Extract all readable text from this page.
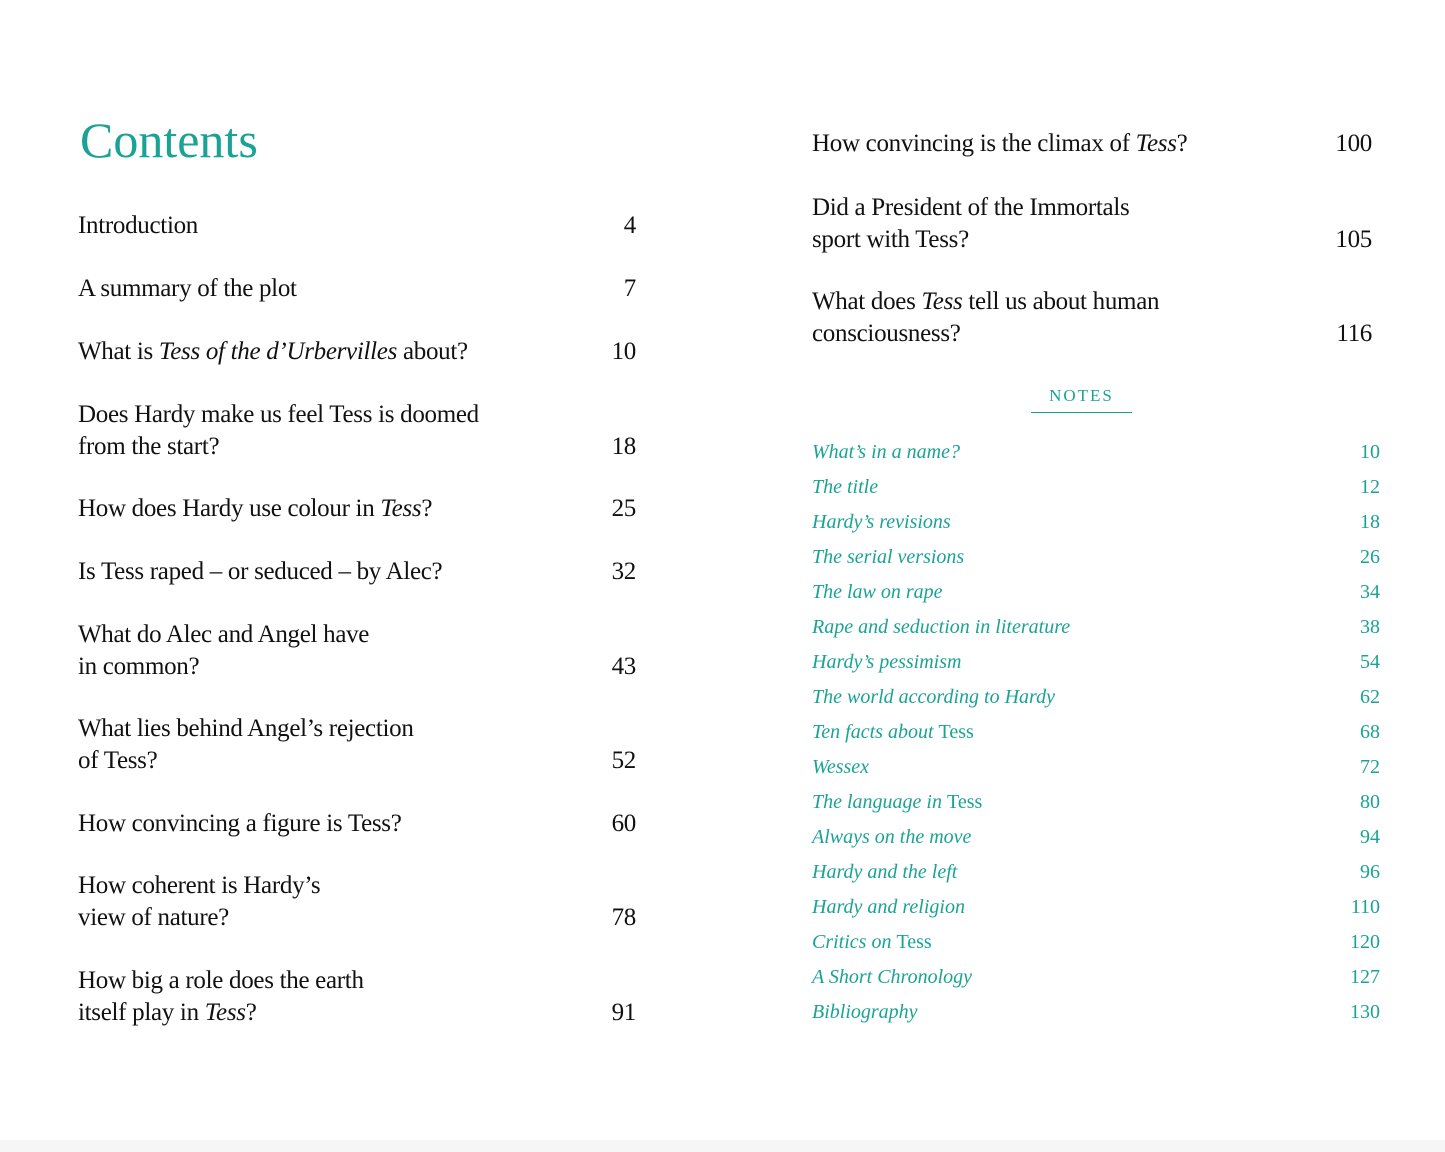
Contents
Introduction	4
A summary of the plot	7
What is Tess of the d’Urbervilles about?	10
Does Hardy make us feel Tess is doomed
from the start?	18
How does Hardy use colour in Tess?	25
Is Tess raped – or seduced – by Alec?	32
What do Alec and Angel have
in common?	43
What lies behind Angel’s rejection
of Tess?	52
How convincing a figure is Tess?	60
How coherent is Hardy’s
view of nature?	78
How big a role does the earth
itself play in Tess?	91
How convincing is the climax of Tess?	100
Did a President of the Immortals
sport with Tess?	105
What does Tess tell us about human
consciousness?	116
NOTES
What’s in a name?	10
The title	12
Hardy’s revisions	18
The serial versions	26
The law on rape	34
Rape and seduction in literature	38
Hardy’s pessimism	54
The world according to Hardy	62
Ten facts about Tess	68
Wessex	72
The language in Tess	80
Always on the move	94
Hardy and the left	96
Hardy and religion	110
Critics on Tess	120
A Short Chronology	127
Bibliography	130
